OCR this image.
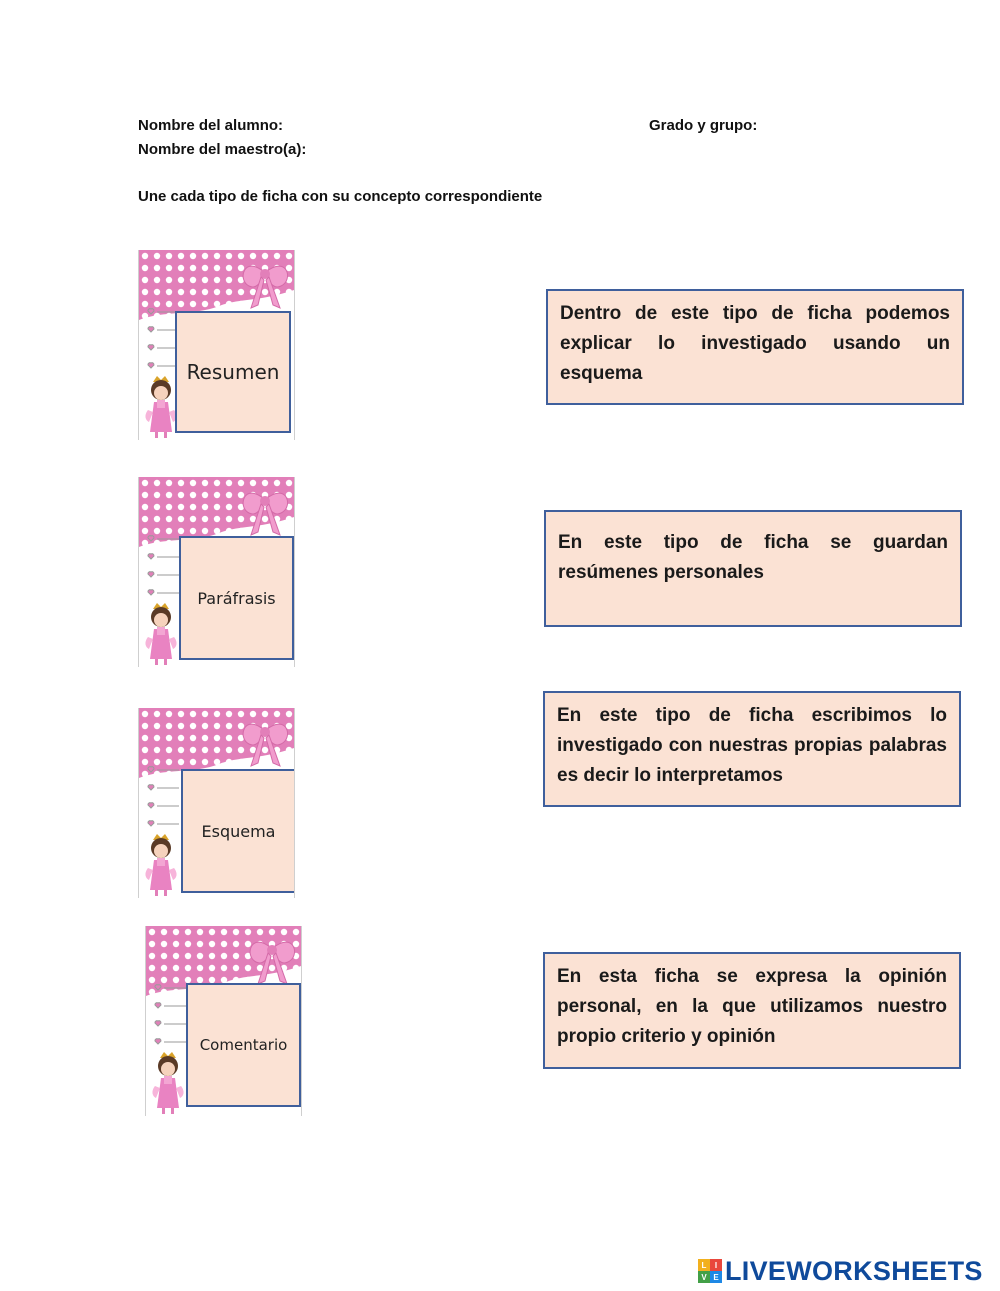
Nombre del alumno:	Grado y grupo:
Nombre del maestro(a):
Une cada tipo de ficha con su concepto correspondiente
Resumen
Paráfrasis
Esquema
Comentario
Dentro de este tipo de ficha podemos explicar lo investigado usando un esquema
En este tipo de ficha se guardan resúmenes personales
En este tipo de ficha escribimos lo investigado con nuestras propias palabras es decir lo interpretamos
En esta ficha se expresa la opinión personal, en la que utilizamos nuestro propio criterio y opinión
L	I
V E LIVEWORKSHEETS
